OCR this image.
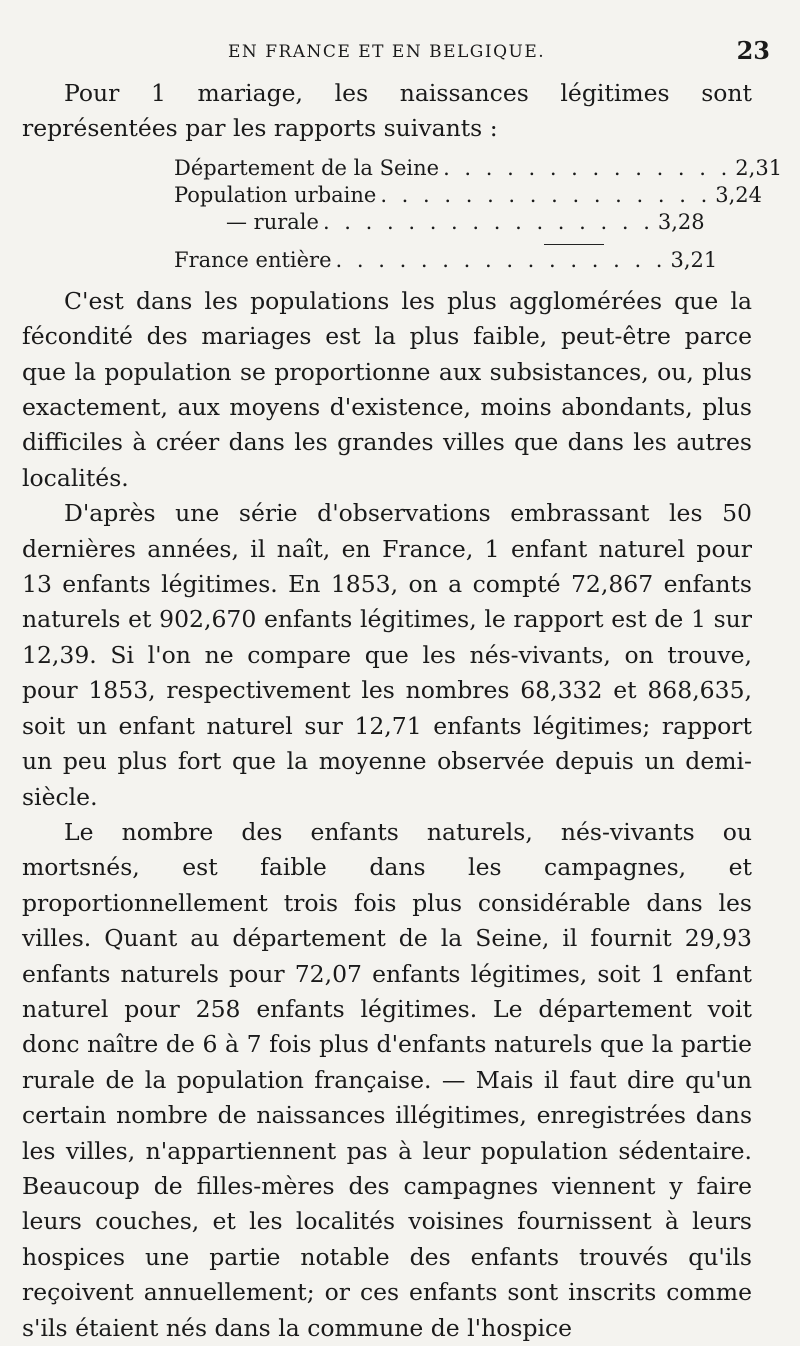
EN FRANCE ET EN BELGIQUE.	23

Pour 1 mariage, les naissances légitimes sont représentées par les rapports suivants :

Département de la Seine . . . . . . . . . . . . . . 2,31
Population urbaine . . . . . . . . . . . . . . . . 3,24
— rurale . . . . . . . . . . . . . . . . 3,28
France entière . . . . . . . . . . . . . . . . 3,21

C'est dans les populations les plus agglomérées que la fécondité des mariages est la plus faible, peut-être parce que la population se proportionne aux subsistances, ou, plus exactement, aux moyens d'existence, moins abondants, plus difficiles à créer dans les grandes villes que dans les autres localités.

D'après une série d'observations embrassant les 50 dernières années, il naît, en France, 1 enfant naturel pour 13 enfants légitimes. En 1853, on a compté 72,867 enfants naturels et 902,670 enfants légitimes, le rapport est de 1 sur 12,39. Si l'on ne compare que les nés-vivants, on trouve, pour 1853, respectivement les nombres 68,332 et 868,635, soit un enfant naturel sur 12,71 enfants légitimes; rapport un peu plus fort que la moyenne observée depuis un demi-siècle.

Le nombre des enfants naturels, nés-vivants ou mortsnés, est faible dans les campagnes, et proportionnellement trois fois plus considérable dans les villes. Quant au département de la Seine, il fournit 29,93 enfants naturels pour 72,07 enfants légitimes, soit 1 enfant naturel pour 258 enfants légitimes. Le département voit donc naître de 6 à 7 fois plus d'enfants naturels que la partie rurale de la population française. — Mais il faut dire qu'un certain nombre de naissances illégitimes, enregistrées dans les villes, n'appartiennent pas à leur population sédentaire. Beaucoup de filles-mères des campagnes viennent y faire leurs couches, et les localités voisines fournissent à leurs hospices une partie notable des enfants trouvés qu'ils reçoivent annuellement; or ces enfants sont inscrits comme s'ils étaient nés dans la commune de l'hospice
